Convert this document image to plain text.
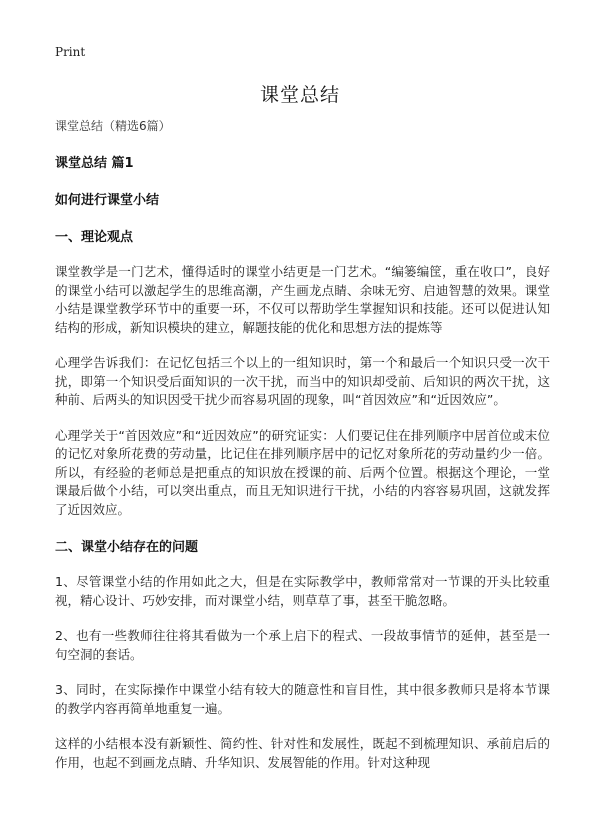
Print
课堂总结
课堂总结（精选6篇）
课堂总结 篇1
如何进行课堂小结
一、理论观点

课堂教学是一门艺术，懂得适时的课堂小结更是一门艺术。“编篓编筐，重在收口”，良好的课堂小结可以激起学生的思维高潮，产生画龙点睛、余味无穷、启迪智慧的效果。课堂小结是课堂教学环节中的重要一环，不仅可以帮助学生掌握知识和技能。还可以促进认知结构的形成，新知识模块的建立，解题技能的优化和思想方法的提炼等

心理学告诉我们：在记忆包括三个以上的一组知识时，第一个和最后一个知识只受一次干扰，即第一个知识受后面知识的一次干扰，而当中的知识却受前、后知识的两次干扰，这种前、后两头的知识因受干扰少而容易巩固的现象，叫“首因效应”和“近因效应”。

心理学关于“首因效应”和“近因效应”的研究证实：人们要记住在排列顺序中居首位或末位的记忆对象所花费的劳动量，比记住在排列顺序居中的记忆对象所花的劳动量约少一倍。所以，有经验的老师总是把重点的知识放在授课的前、后两个位置。根据这个理论，一堂课最后做个小结，可以突出重点，而且无知识进行干扰，小结的内容容易巩固，这就发挥了近因效应。

二、课堂小结存在的问题

1、尽管课堂小结的作用如此之大，但是在实际教学中，教师常常对一节课的开头比较重视，精心设计、巧妙安排，而对课堂小结，则草草了事，甚至干脆忽略。

2、也有一些教师往往将其看做为一个承上启下的程式、一段故事情节的延伸，甚至是一句空洞的套话。

3、同时，在实际操作中课堂小结有较大的随意性和盲目性，其中很多教师只是将本节课的教学内容再简单地重复一遍。

这样的小结根本没有新颖性、简约性、针对性和发展性，既起不到梳理知识、承前启后的作用，也起不到画龙点睛、升华知识、发展智能的作用。针对这种现
